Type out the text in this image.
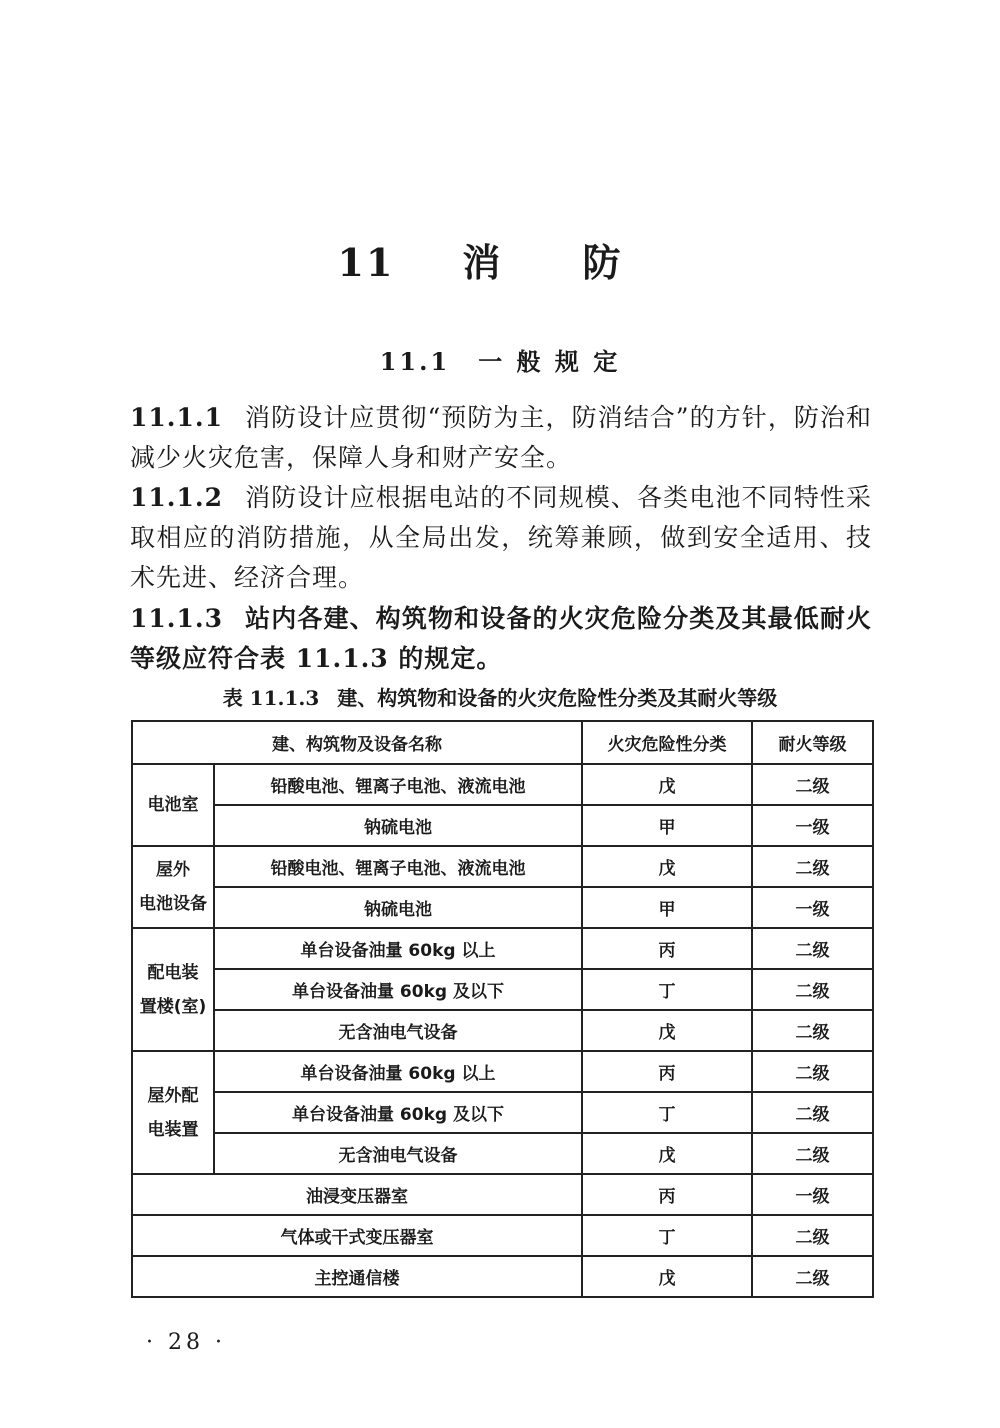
11 消 防
11.1 一 般 规 定
11.1.1 消防设计应贯彻“预防为主，防消结合”的方针，防治和减少火灾危害，保障人身和财产安全。
11.1.2 消防设计应根据电站的不同规模、各类电池不同特性采取相应的消防措施，从全局出发，统筹兼顾，做到安全适用、技术先进、经济合理。
11.1.3 站内各建、构筑物和设备的火灾危险分类及其最低耐火等级应符合表 11.1.3 的规定。
表 11.1.3 建、构筑物和设备的火灾危险性分类及其耐火等级
建、构筑物及设备名称		火灾危险性分类	耐火等级
电池室	铅酸电池、锂离子电池、液流电池	戊	二级
	钠硫电池	甲	一级
屋外
电池设备	铅酸电池、锂离子电池、液流电池	戊	二级
	钠硫电池	甲	一级
配电装
置楼(室)	单台设备油量 60kg 以上	丙	二级
	单台设备油量 60kg 及以下	丁	二级
	无含油电气设备	戊	二级
屋外配
电装置	单台设备油量 60kg 以上	丙	二级
	单台设备油量 60kg 及以下	丁	二级
	无含油电气设备	戊	二级
油浸变压器室		丙	一级
气体或干式变压器室		丁	二级
主控通信楼		戊	二级
· 28 ·
